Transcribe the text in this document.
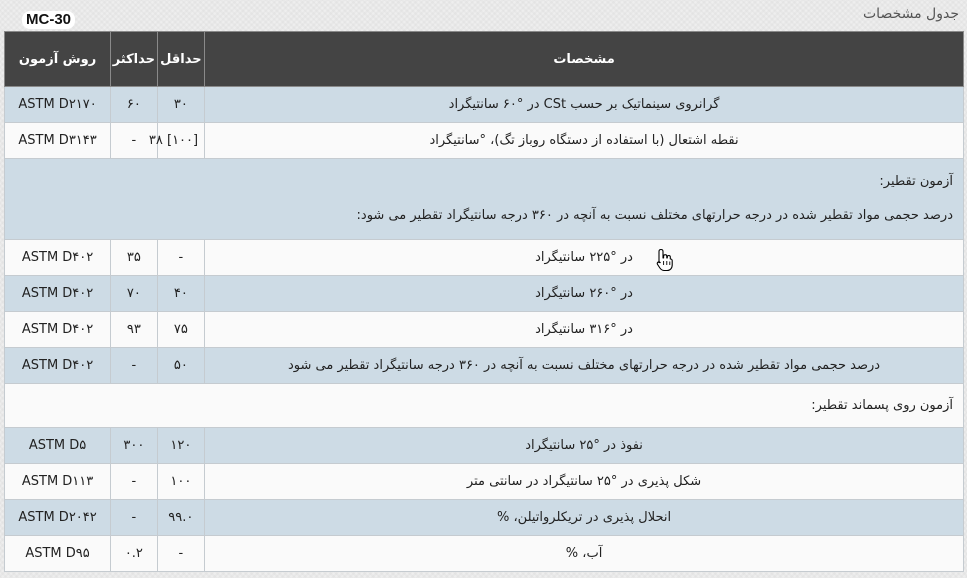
MC-30	جدول مشخصات
مشخصات	حداقل	حداکثر	روش آزمون
گرانروی سینماتیک بر حسب CSt در °۶۰ سانتیگراد	۳۰	۶۰	ASTM D۲۱۷۰
نقطه اشتعال (با استفاده از دستگاه روباز تگ)، °سانتیگراد	[۱۰۰] ۳۸	-	ASTM D۳۱۴۳

آزمون تقطیر:
درصد حجمی مواد تقطیر شده در درجه حرارتهای مختلف نسبت به آنچه در ۳۶۰ درجه سانتیگراد تقطیر می شود:			

در °۲۲۵ سانتیگراد	-	۳۵	ASTM D۴۰۲
در °۲۶۰ سانتیگراد	۴۰	۷۰	ASTM D۴۰۲
در °۳۱۶ سانتیگراد	۷۵	۹۳	ASTM D۴۰۲
درصد حجمی مواد تقطیر شده در درجه حرارتهای مختلف نسبت به آنچه در ۳۶۰ درجه سانتیگراد تقطیر می شود	۵۰	-	ASTM D۴۰۲

آزمون روی پسماند تقطیر:			

نفوذ در °۲۵ سانتیگراد	۱۲۰	۳۰۰	ASTM D۵
شکل پذیری در °۲۵ سانتیگراد در سانتی متر	۱۰۰	-	ASTM D۱۱۳
انحلال پذیری در تریکلرواتیلن، %	۹۹.۰	-	ASTM D۲۰۴۲
آب، %	-	۰.۲	ASTM D۹۵
